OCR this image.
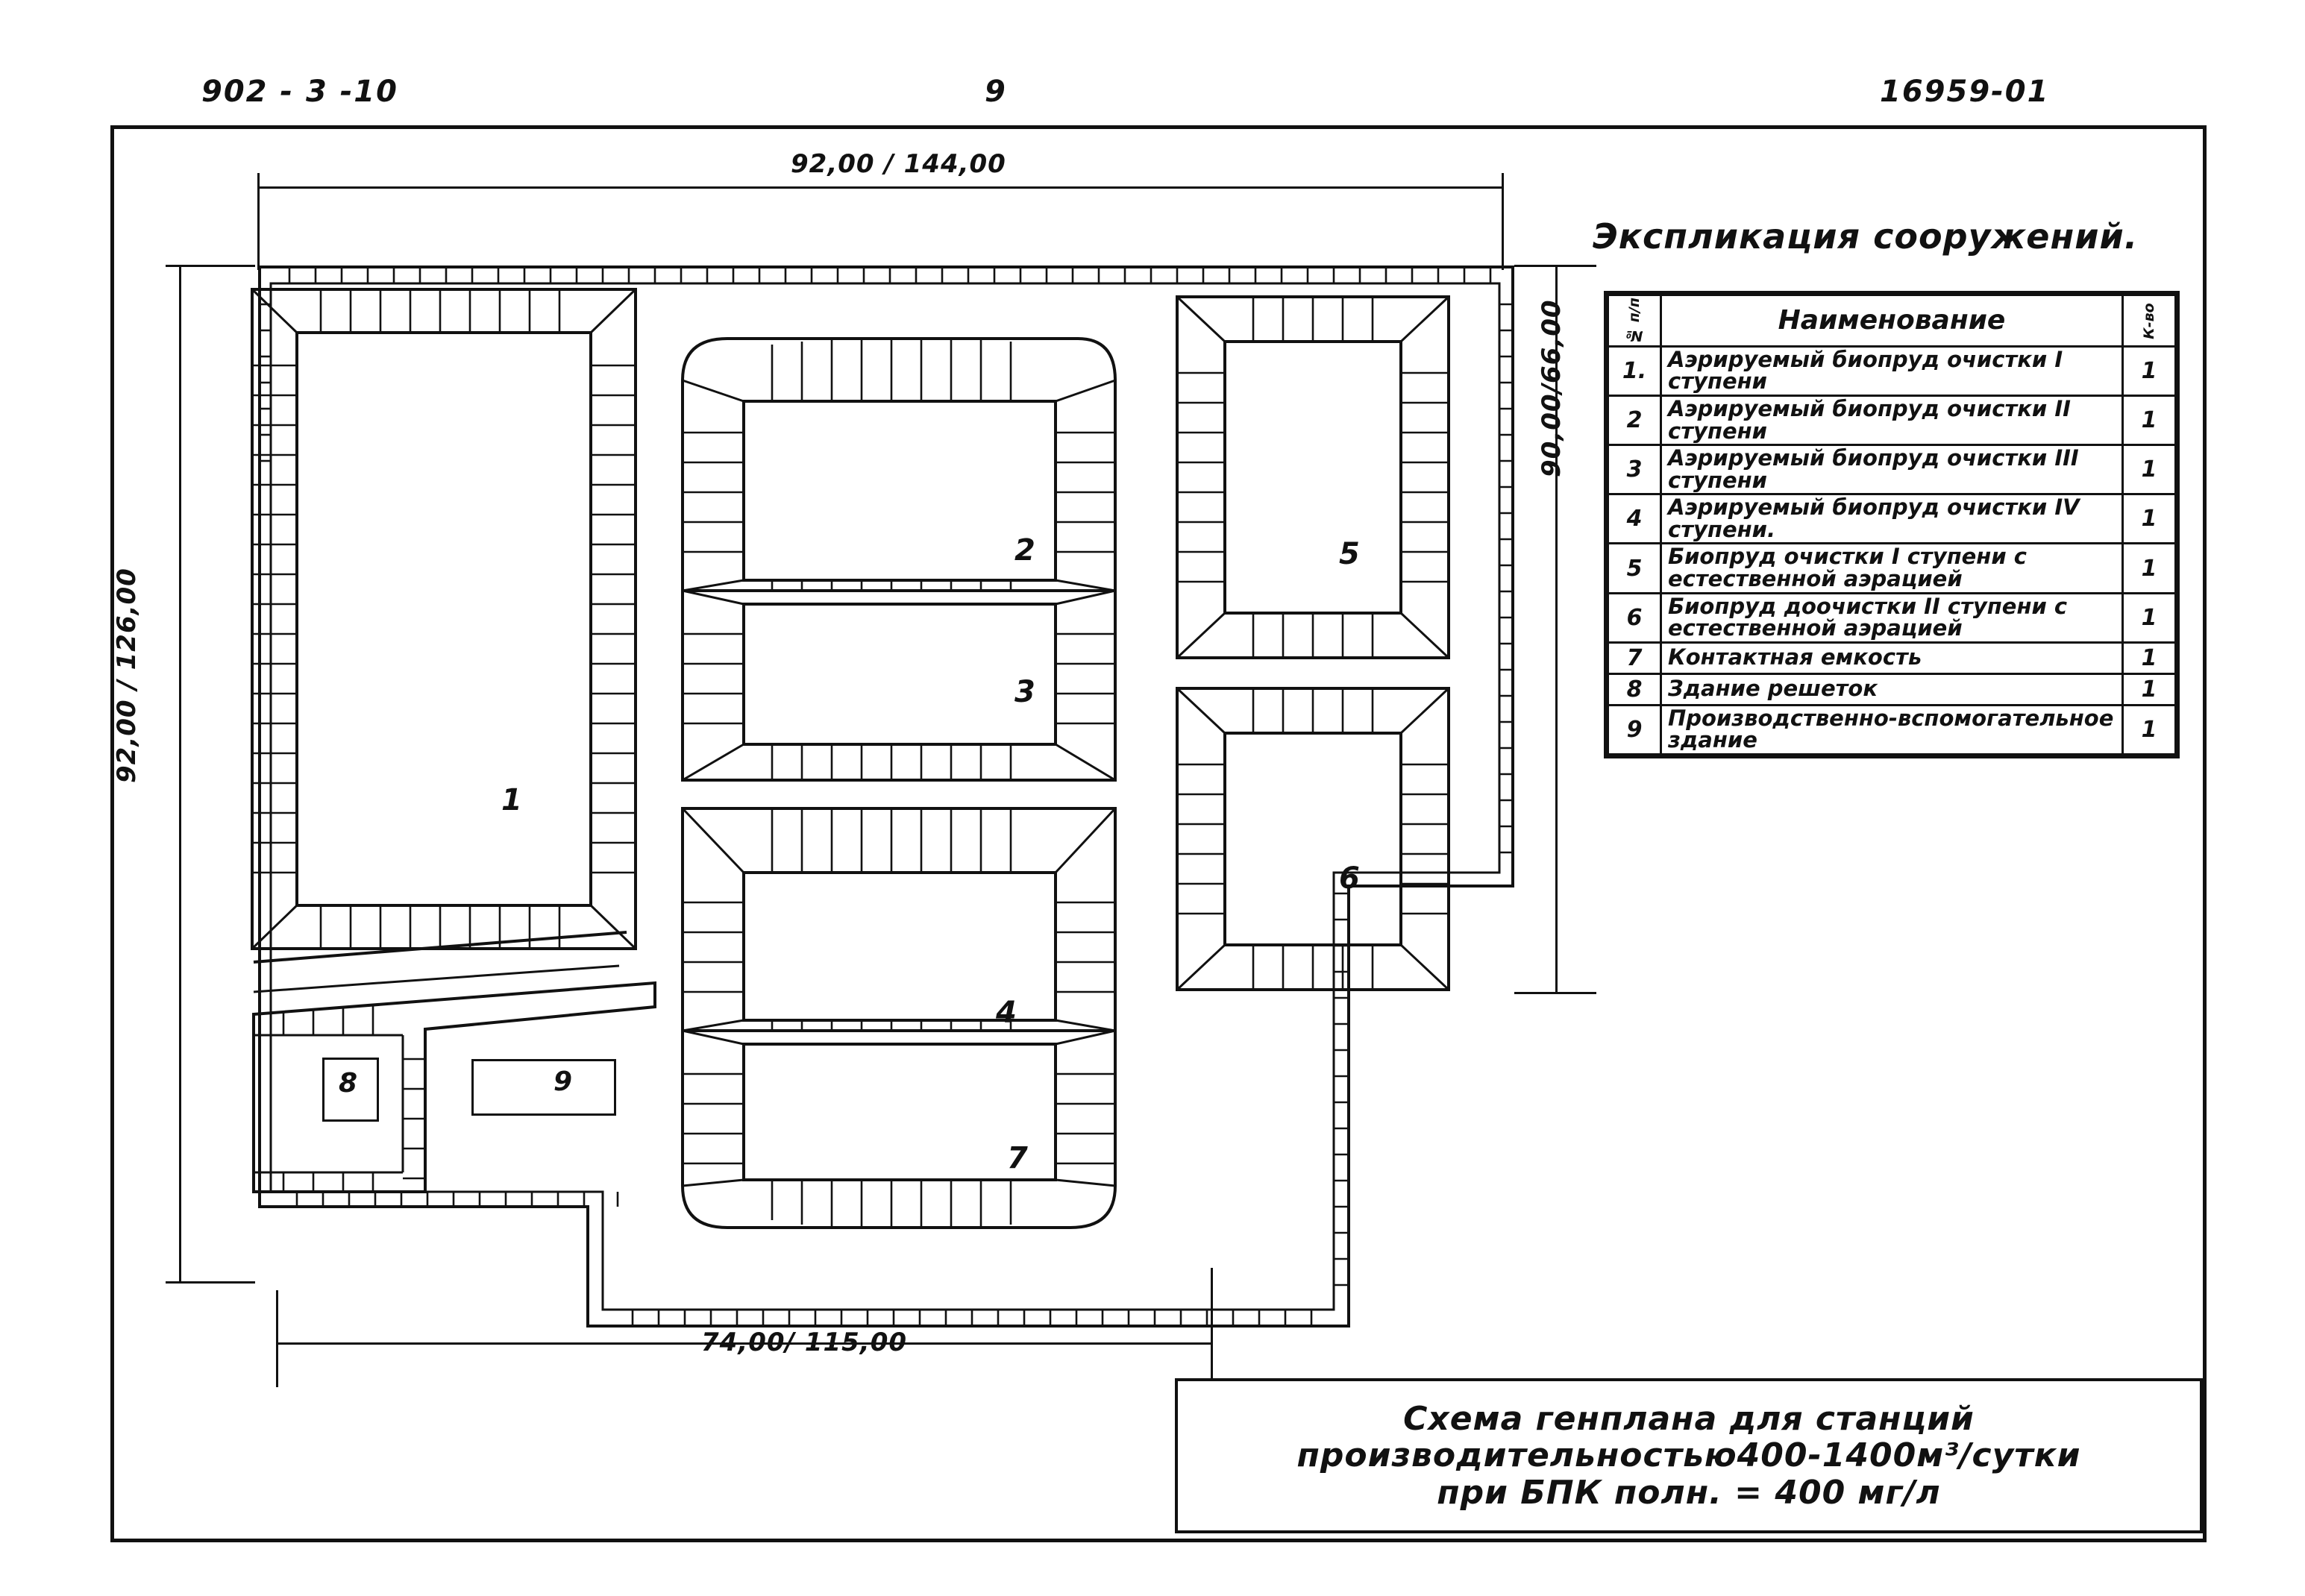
902 - 3 -10	9	16959-01
92,00 / 144,00
92,00 / 126,00
90,00/66,00
74,00/ 115,00
1
2
3
4
7
5
6
8	9
Экспликация сооружений.
№ п/п	Наименование	К-во
1.	Аэрируемый биопруд очистки I ступени	1
2	Аэрируемый биопруд очистки II ступени	1
3	Аэрируемый биопруд очистки III ступени	1
4	Аэрируемый биопруд очистки IV ступени.	1
5	Биопруд очистки I ступени с естественной аэрацией	1
6	Биопруд доочистки II ступени с естественной аэрацией	1
7	Контактная емкость	1
8	Здание решеток	1
9	Производственно-вспомогательное здание	1
Схема генплана для станций
производительностью400-1400м³/сутки
при БПК полн. = 400 мг/л
